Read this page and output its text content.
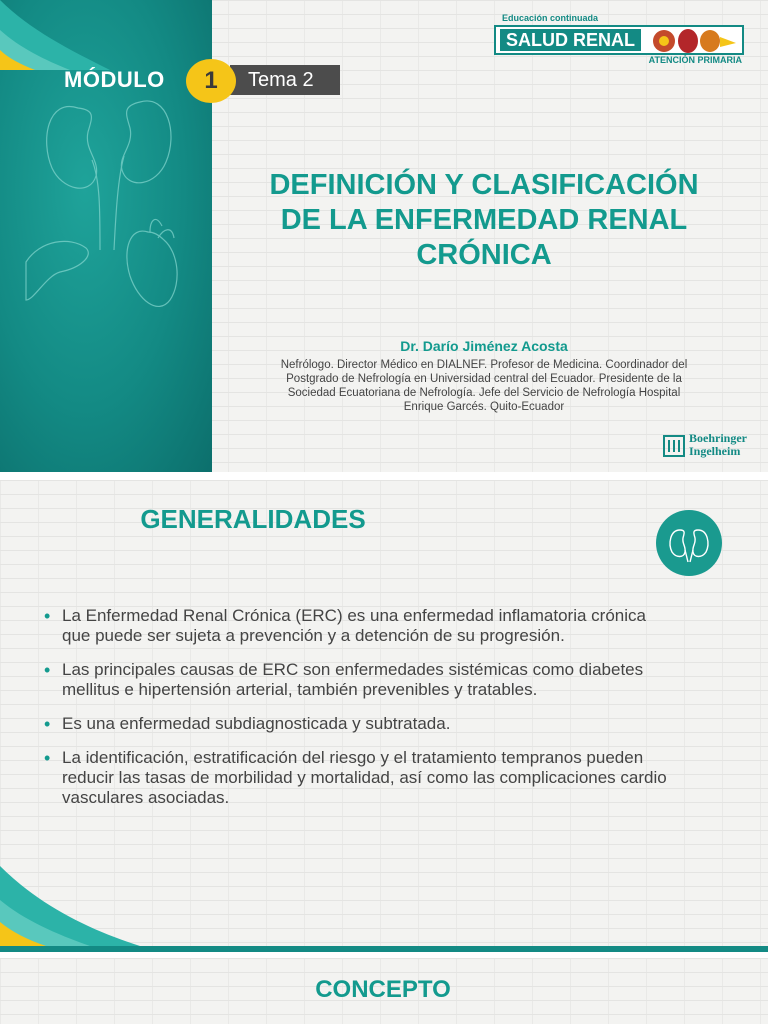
MÓDULO	1	Tema 2
Educación continuada
SALUD RENAL
ATENCIÓN PRIMARIA
DEFINICIÓN Y CLASIFICACIÓN
DE LA ENFERMEDAD RENAL
CRÓNICA
Dr. Darío Jiménez Acosta
Nefrólogo. Director Médico en DIALNEF. Profesor de Medicina. Coordinador del
Postgrado de Nefrología en Universidad central del Ecuador. Presidente de la
Sociedad Ecuatoriana de Nefrología. Jefe del Servicio de Nefrología Hospital
Enrique Garcés. Quito-Ecuador
Boehringer
Ingelheim
GENERALIDADES
• La Enfermedad Renal Crónica (ERC) es una enfermedad inflamatoria crónica
que puede ser sujeta a prevención y a detención de su progresión.
• Las principales causas de ERC son enfermedades sistémicas como diabetes
mellitus e hipertensión arterial, también prevenibles y tratables.
• Es una enfermedad subdiagnosticada y subtratada.
• La identificación, estratificación del riesgo y el tratamiento tempranos pueden
reducir las tasas de morbilidad y mortalidad, así como las complicaciones cardio
vasculares asociadas.
CONCEPTO
